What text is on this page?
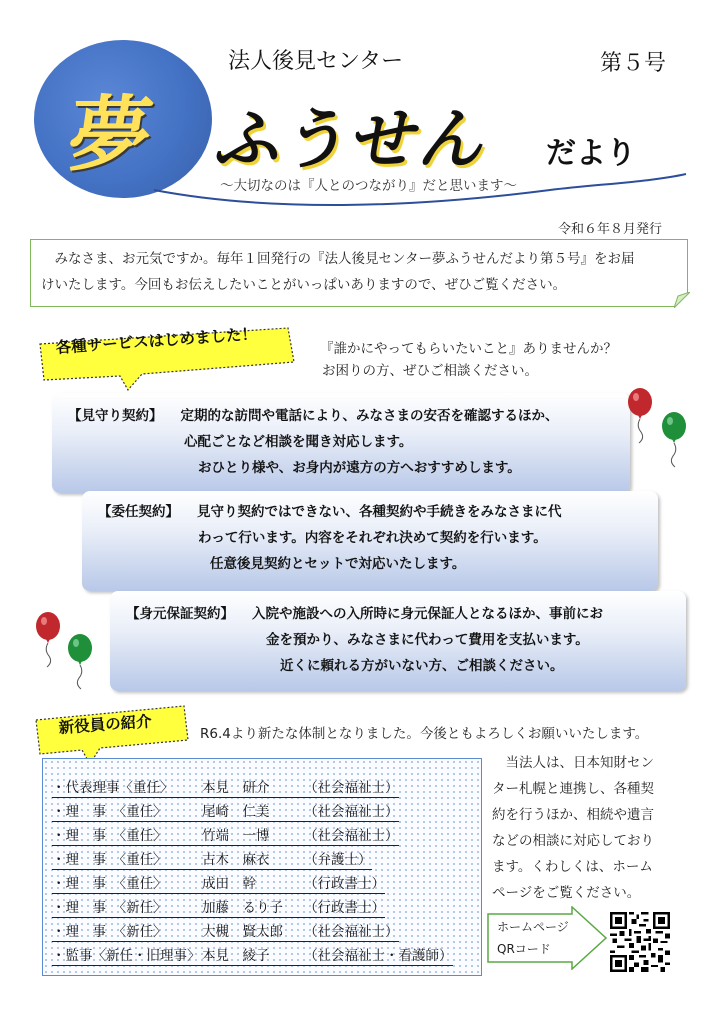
夢
法人後見センター	第５号
ふうせん だより
～大切なのは『人とのつながり』だと思います～
令和６年８月発行
　みなさま、お元気ですか。毎年１回発行の『法人後見センター夢ふうせんだより第５号』をお届
けいたします。今回もお伝えしたいことがいっぱいありますので、ぜひご覧ください。
各種サービスはじめました！	『誰かにやってもらいたいこと』ありませんか？
お困りの方、ぜひご相談ください。
【見守り契約】 定期的な訪問や電話により、みなさまの安否を確認するほか、
心配ごとなど相談を聞き対応します。
おひとり様や、お身内が遠方の方へおすすめします。
【委任契約】 見守り契約ではできない、各種契約や手続きをみなさまに代
わって行います。内容をそれぞれ決めて契約を行います。
任意後見契約とセットで対応いたします。
【身元保証契約】 入院や施設への入所時に身元保証人となるほか、事前にお
金を預かり、みなさまに代わって費用を支払います。
近くに頼れる方がいない方、ご相談ください。
新役員の紹介	R6.4より新たな体制となりました。今後ともよろしくお願いいたします。
・代表理事〈重任〉 本見　研介	（社会福祉士）
・理　事　〈重任〉	尾崎　仁美	（社会福祉士）
・理　事　〈重任〉	竹端　一博	（社会福祉士）
・理　事　〈重任〉	古木　麻衣	（弁護士）
・理　事　〈重任〉	成田　幹	（行政書士）
・理　事　〈新任〉	加藤　るり子 （行政書士）
・理　事　〈新任〉	大槻　賢太郎 （社会福祉士）
・監事〈新任・旧理事〉 本見　綾子	（社会福祉士・看護師）
　当法人は、日本知財セン
ター札幌と連携し、各種契
約を行うほか、相続や遺言
などの相談に対応しており
ます。くわしくは、ホーム
ページをご覧ください。
ホームページ
QRコード
